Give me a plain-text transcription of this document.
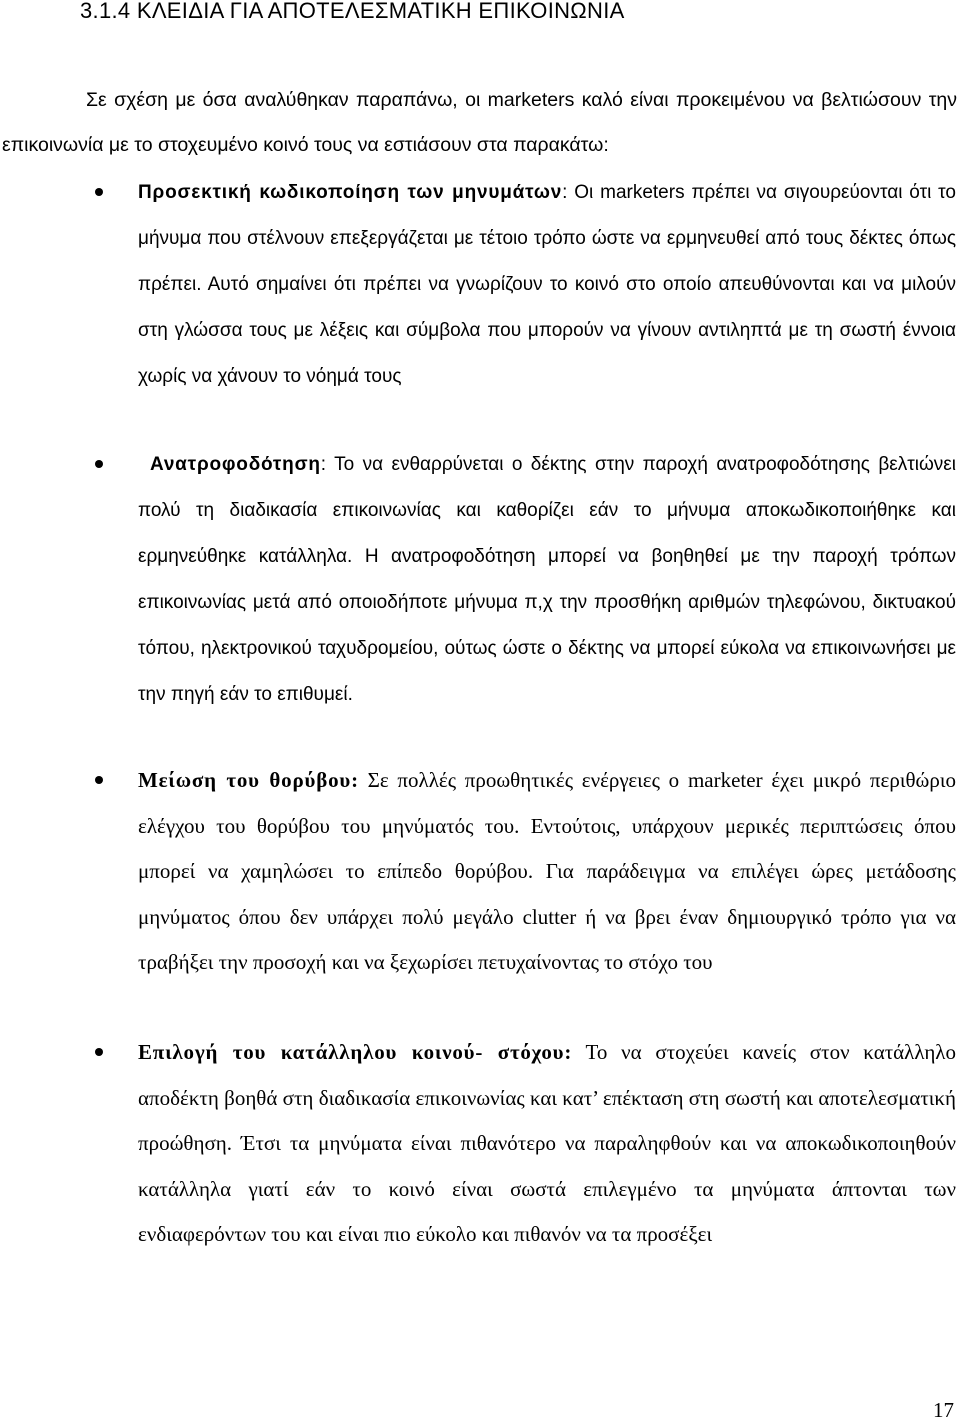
3.1.4 ΚΛΕΙΔΙΑ ΓΙΑ ΑΠΟΤΕΛΕΣΜΑΤΙΚΗ ΕΠΙΚΟΙΝΩΝΙΑ

Σε σχέση με όσα αναλύθηκαν παραπάνω, οι marketers καλό είναι προκειμένου να βελτιώσουν την επικοινωνία με το στοχευμένο κοινό τους να εστιάσουν στα παρακάτω:

Προσεκτική κωδικοποίηση των μηνυμάτων: Οι marketers πρέπει να σιγουρεύονται ότι το μήνυμα που στέλνουν επεξεργάζεται με τέτοιο τρόπο ώστε να ερμηνευθεί από τους δέκτες όπως πρέπει. Αυτό σημαίνει ότι πρέπει να γνωρίζουν το κοινό στο οποίο απευθύνονται και να μιλούν στη γλώσσα τους με λέξεις και σύμβολα που μπορούν να γίνουν αντιληπτά με τη σωστή έννοια χωρίς να χάνουν το νόημά τους
Ανατροφοδότηση: Το να ενθαρρύνεται ο δέκτης στην παροχή ανατροφοδότησης βελτιώνει πολύ τη διαδικασία επικοινωνίας και καθορίζει εάν το μήνυμα αποκωδικοποιήθηκε και ερμηνεύθηκε κατάλληλα. Η ανατροφοδότηση μπορεί να βοηθηθεί με την παροχή τρόπων επικοινωνίας μετά από οποιοδήποτε μήνυμα π,χ την προσθήκη αριθμών τηλεφώνου, δικτυακού τόπου, ηλεκτρονικού ταχυδρομείου, ούτως ώστε ο δέκτης να μπορεί εύκολα να επικοινωνήσει με την πηγή εάν το επιθυμεί.
Μείωση του θορύβου: Σε πολλές προωθητικές ενέργειες ο marketer έχει μικρό περιθώριο ελέγχου του θορύβου του μηνύματός του. Εντούτοις, υπάρχουν μερικές περιπτώσεις όπου μπορεί να χαμηλώσει το επίπεδο θορύβου. Για παράδειγμα να επιλέγει ώρες μετάδοσης μηνύματος όπου δεν υπάρχει πολύ μεγάλο clutter ή να βρει έναν δημιουργικό τρόπο για να τραβήξει την προσοχή και να ξεχωρίσει πετυχαίνοντας το στόχο του
Επιλογή του κατάλληλου κοινού- στόχου: Το να στοχεύει κανείς στον κατάλληλο αποδέκτη βοηθά στη διαδικασία επικοινωνίας και κατ’ επέκταση στη σωστή και αποτελεσματική προώθηση. Έτσι τα μηνύματα είναι πιθανότερο να παραληφθούν και να αποκωδικοποιηθούν κατάλληλα γιατί εάν το κοινό είναι σωστά επιλεγμένο τα μηνύματα άπτονται των ενδιαφερόντων του και είναι πιο εύκολο και πιθανόν να τα προσέξει
17
